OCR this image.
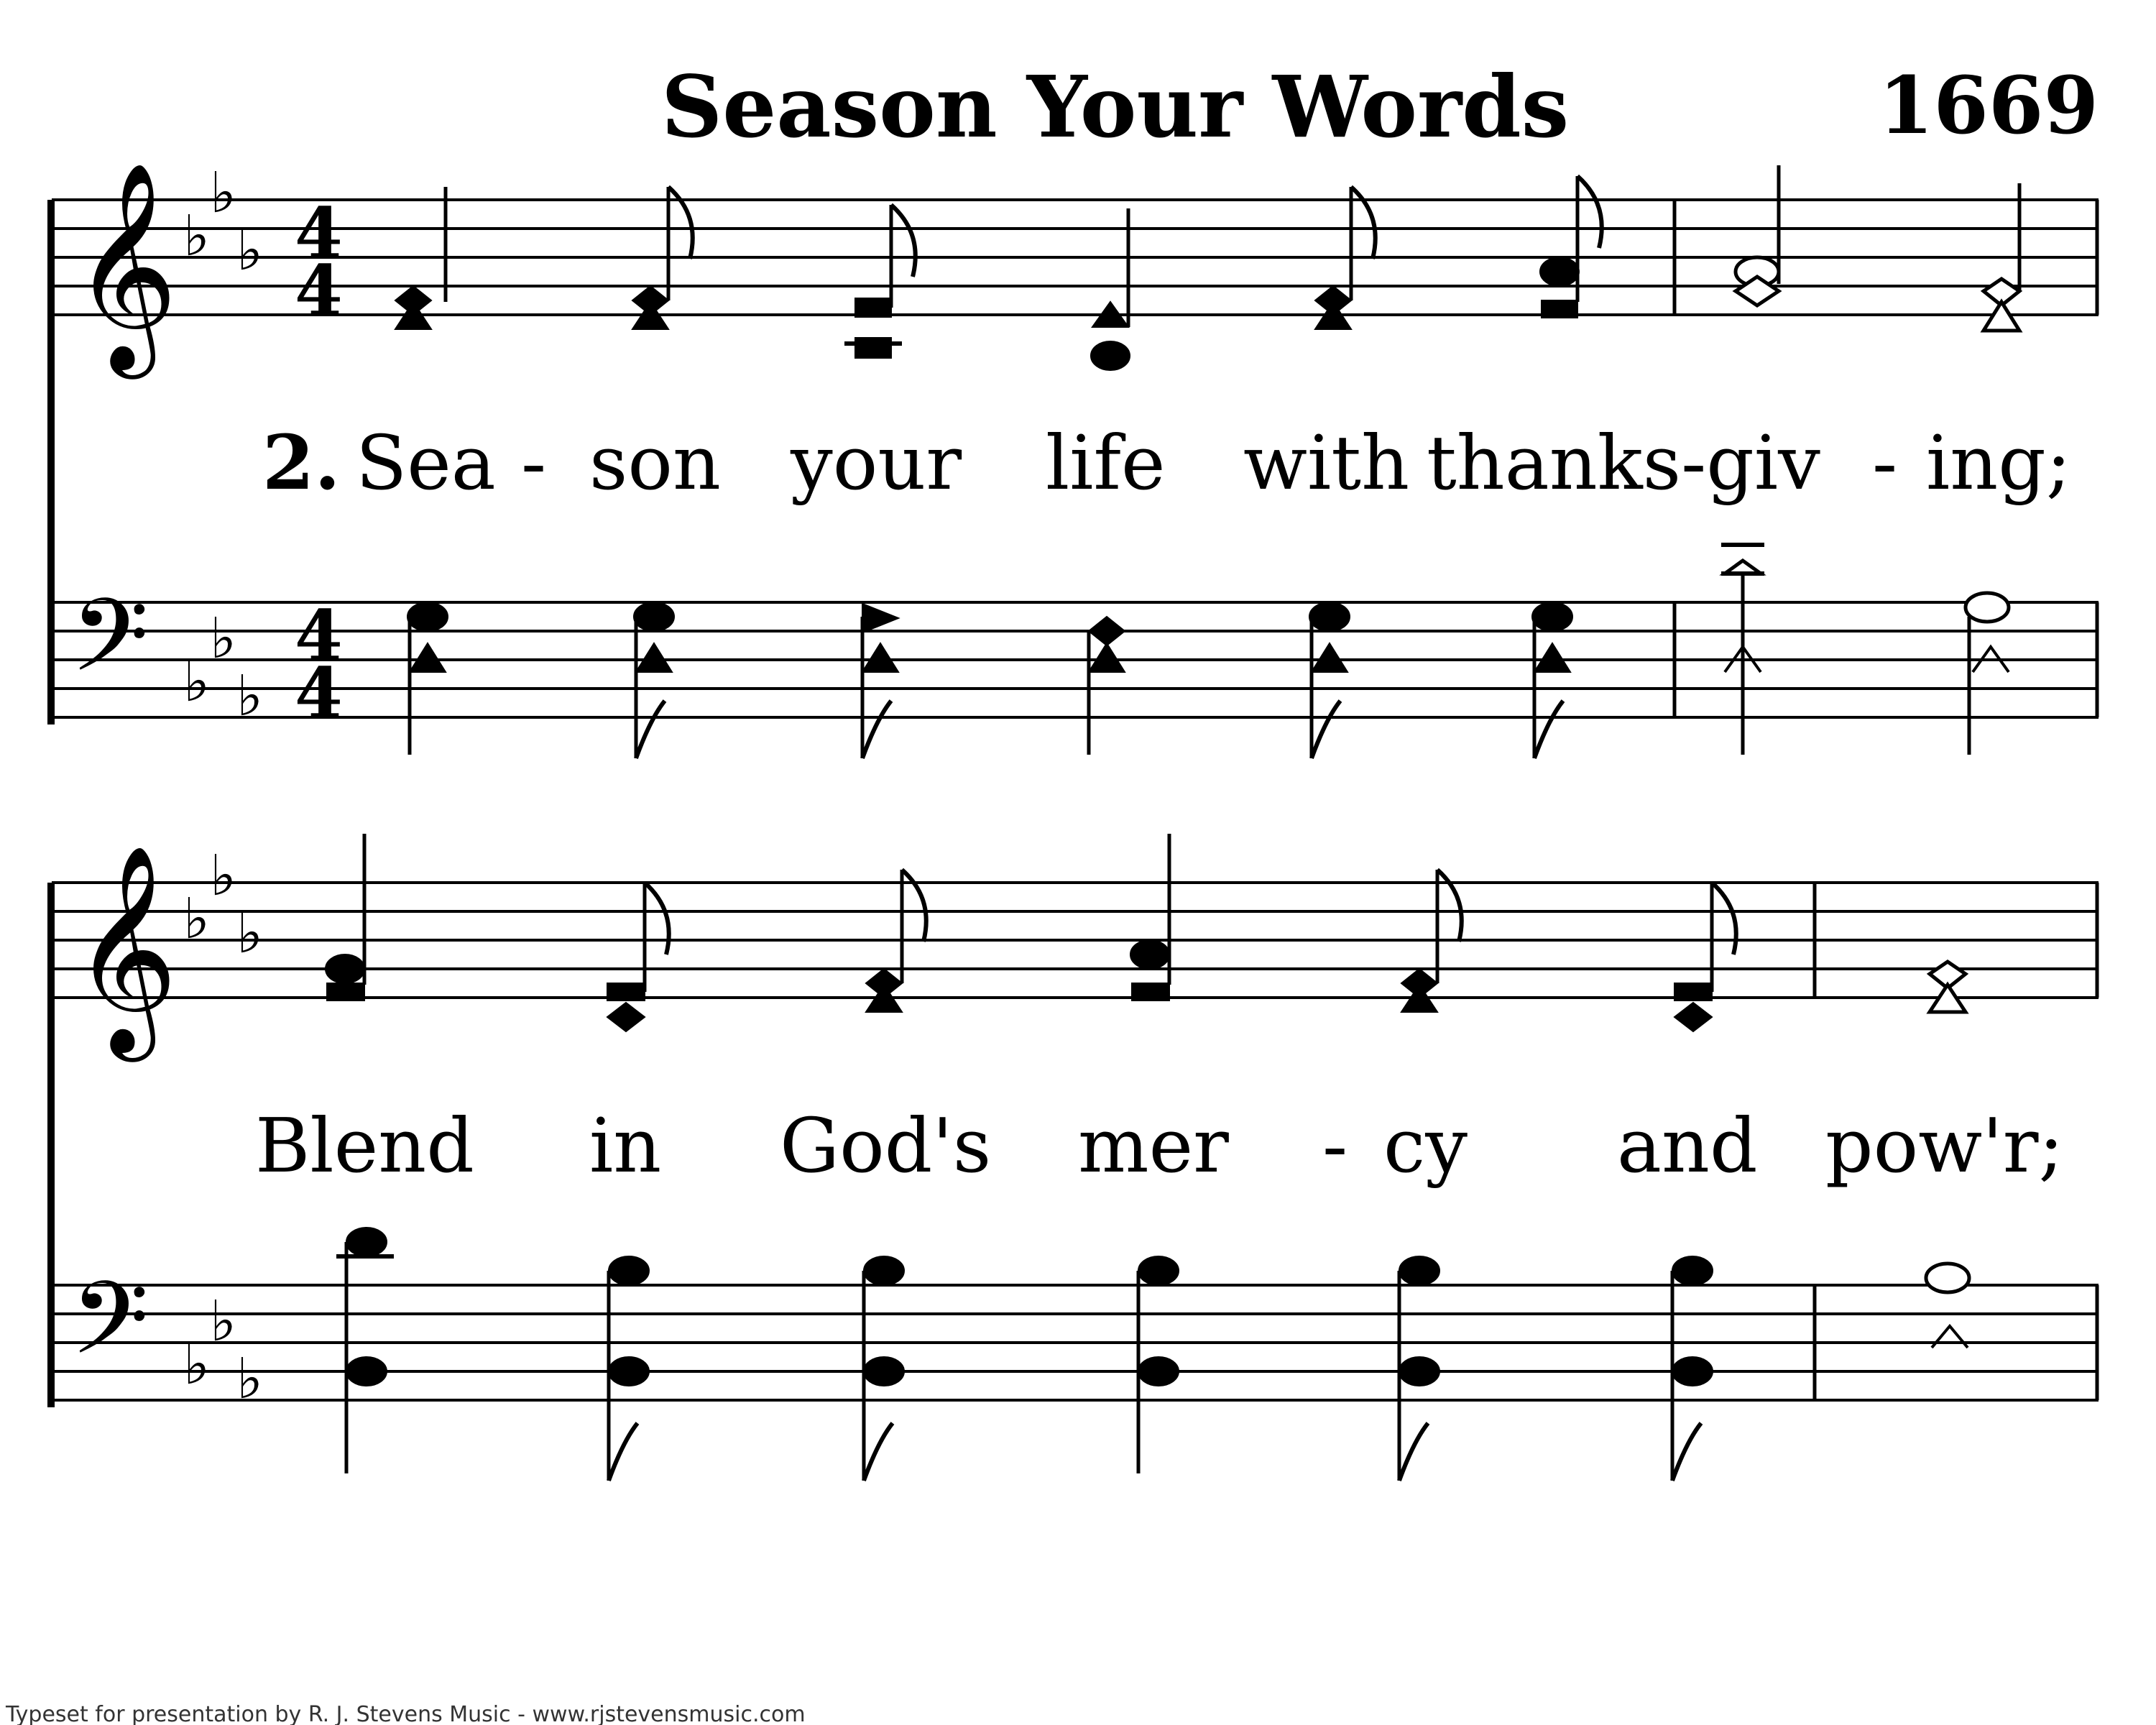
Season Your Words	1669
𝄞
𝄢
♭
♭
♭
♭
♭
♭
4
4
4
4
2. Sea - son your life with thanks-giv - ing;
𝄞
𝄢
♭
♭
♭
♭
♭
♭
Blend in God's mer - cy and pow'r;
Typeset for presentation by R. J. Stevens Music - www.rjstevensmusic.com
